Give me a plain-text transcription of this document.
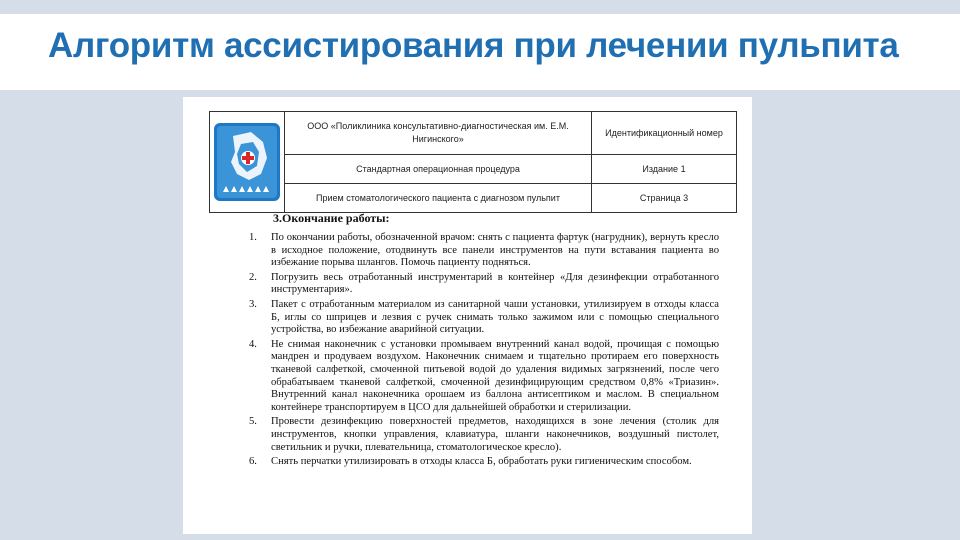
Алгоритм ассистирования при лечении пульпита
	ООО «Поликлиника консультативно-диагностическая им. Е.М. Нигинского»	Идентификационный номер
	Стандартная операционная процедура	Издание 1
	Прием стоматологического пациента с диагнозом пульпит	Страница 3
3.Окончание работы:
1. По окончании работы, обозначенной врачом: снять с пациента фартук (нагрудник), вернуть кресло в исходное положение, отодвинуть все панели инструментов на пути вставания пациента во избежание порыва шлангов. Помочь пациенту подняться.
2. Погрузить весь отработанный инструментарий в контейнер «Для дезинфекции отработанного инструментария».
3. Пакет с отработанным материалом из санитарной чаши установки, утилизируем в отходы класса Б, иглы со шприцев и лезвия с ручек снимать только зажимом или с помощью специального устройства, во избежание аварийной ситуации.
4. Не снимая наконечник с установки промываем внутренний канал водой, прочищая с помощью мандрен и продуваем воздухом. Наконечник снимаем и тщательно протираем его поверхность тканевой салфеткой, смоченной питьевой водой до удаления видимых загрязнений, после чего обрабатываем тканевой салфеткой, смоченной дезинфицирующим средством 0,8% «Триазин». Внутренний канал наконечника орошаем из баллона антисептиком и маслом. В специальном контейнере транспортируем в ЦСО для дальнейшей обработки и стерилизации.
5. Провести дезинфекцию поверхностей предметов, находящихся в зоне лечения (столик для инструментов, кнопки управления, клавиатура, шланги наконечников, воздушный пистолет, светильник и ручки, плевательница, стоматологическое кресло).
6. Снять перчатки утилизировать в отходы класса Б, обработать руки гигиеническим способом.
